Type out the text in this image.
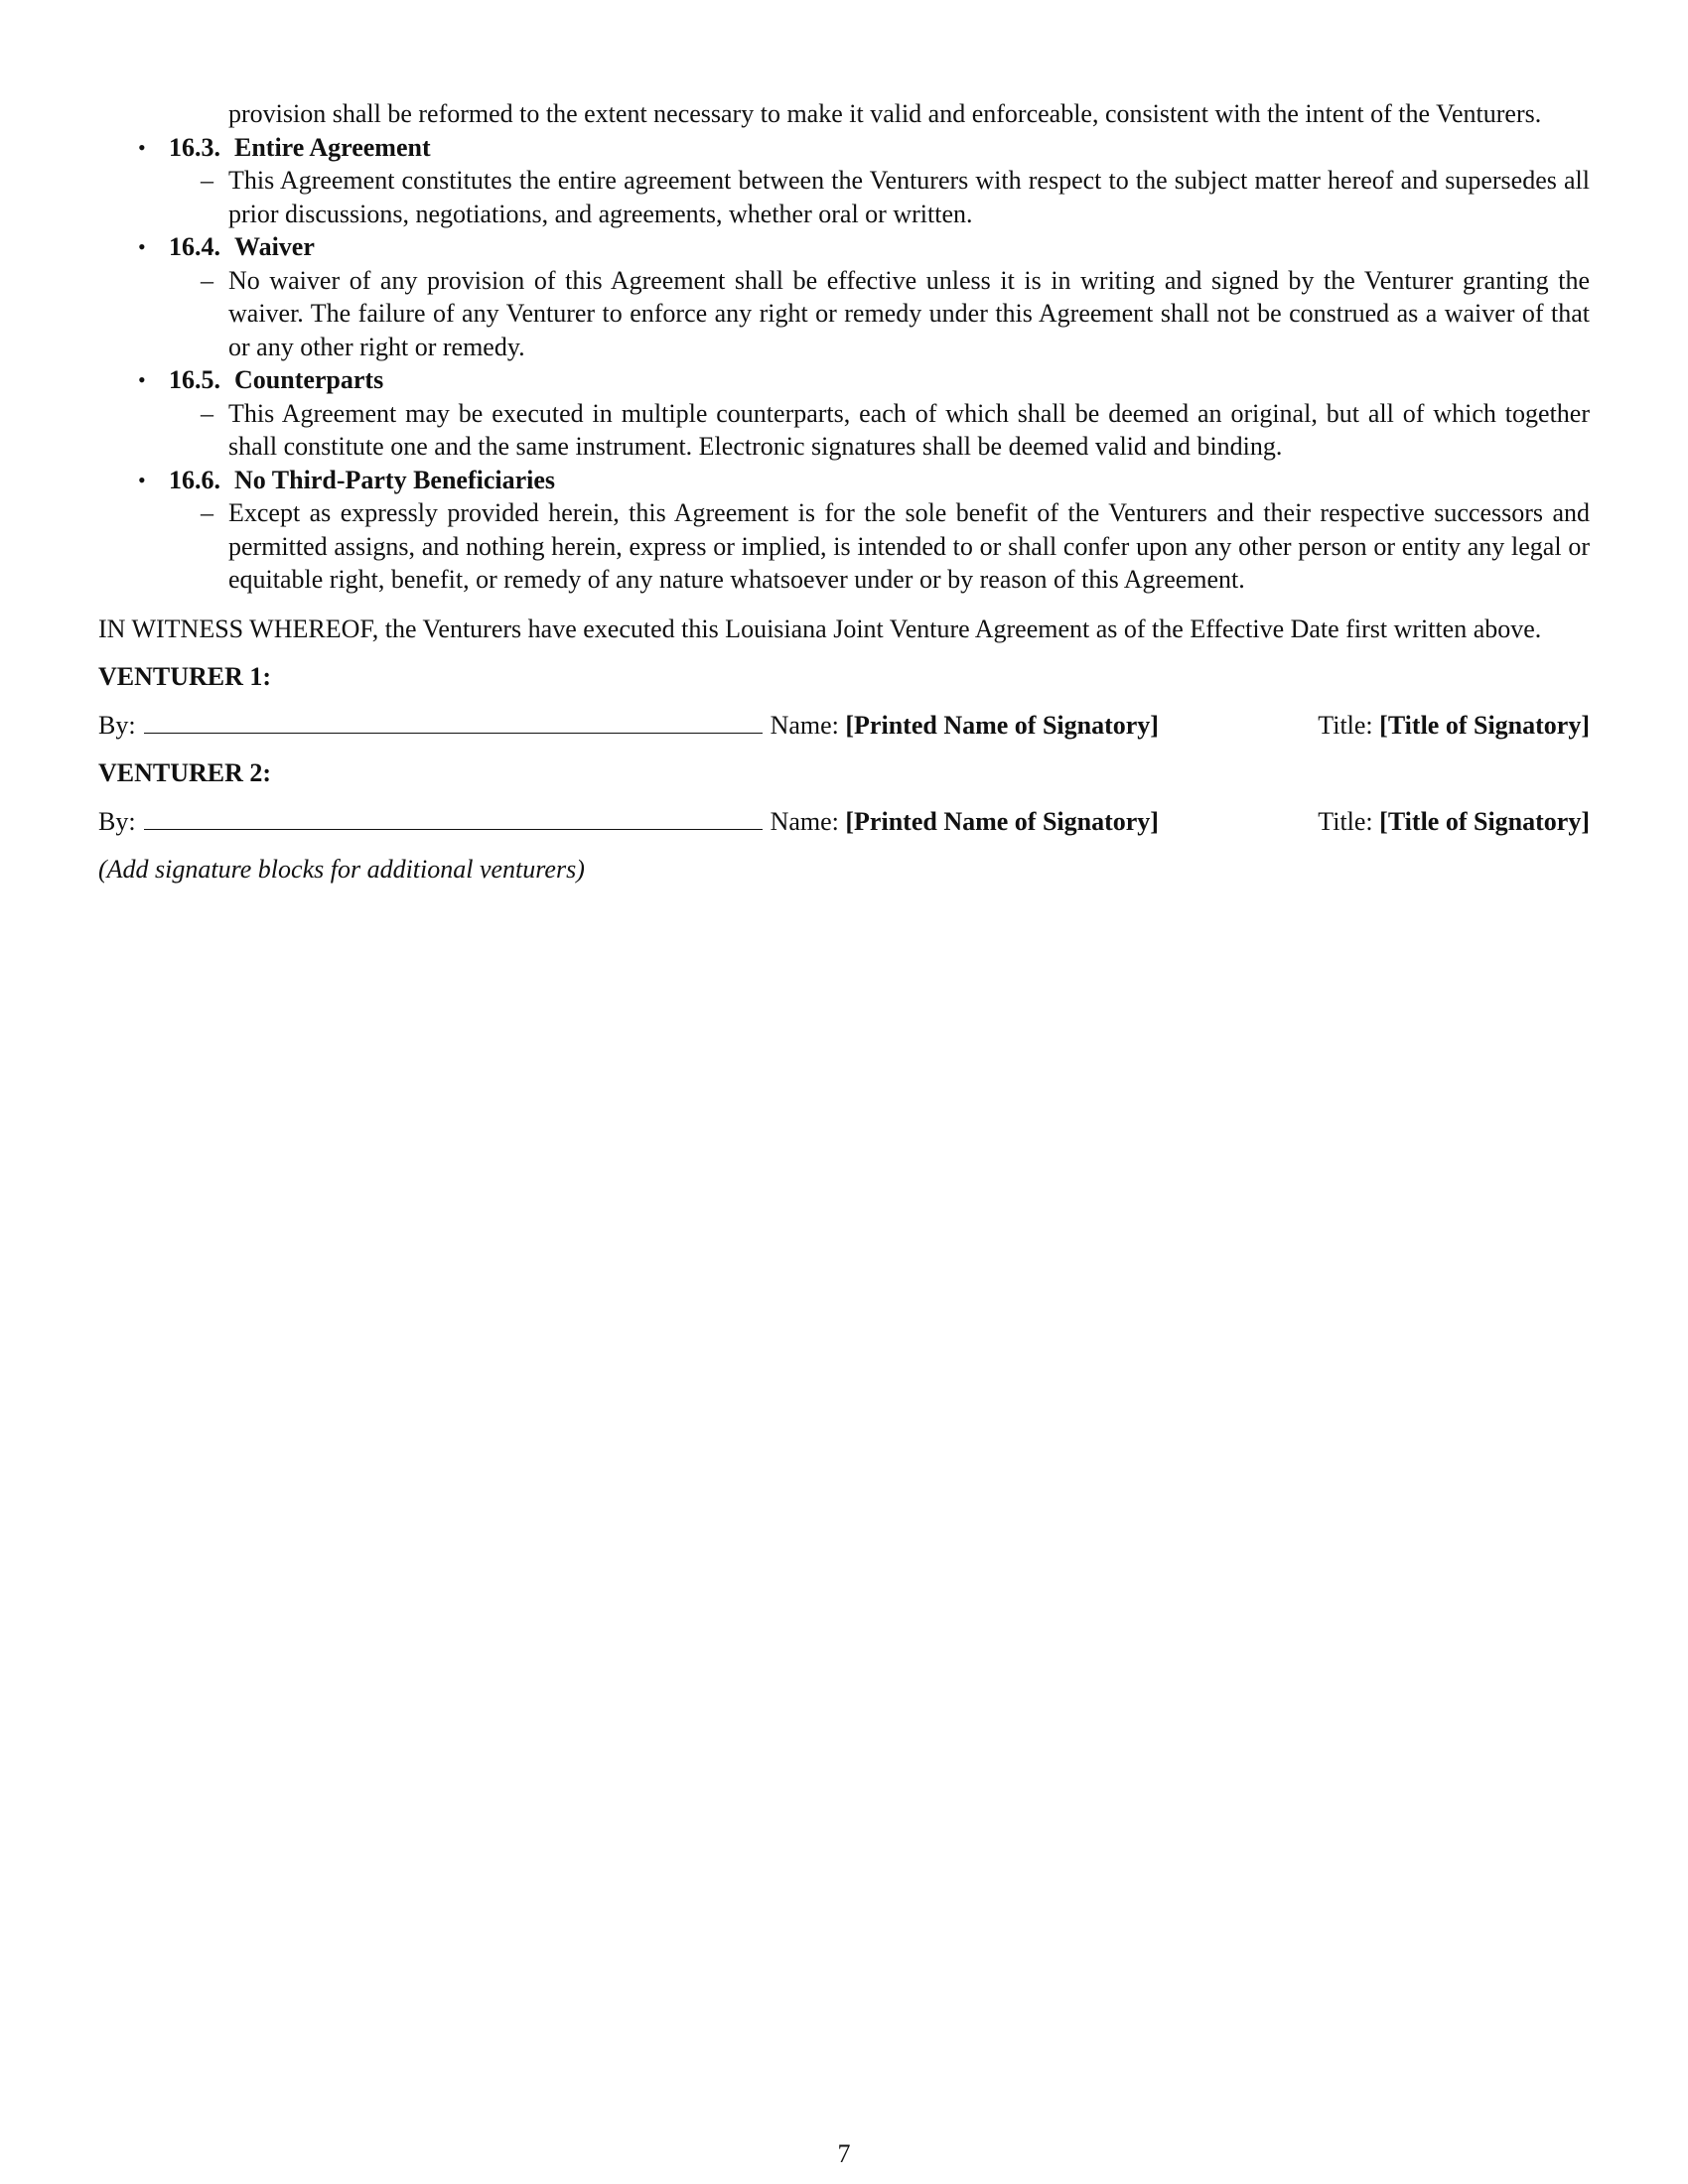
provision shall be reformed to the extent necessary to make it valid and enforceable, consistent with the intent of the Venturers.
• 16.3. Entire Agreement
– This Agreement constitutes the entire agreement between the Venturers with respect to the subject matter hereof and supersedes all prior discussions, negotiations, and agreements, whether oral or written.
• 16.4. Waiver
– No waiver of any provision of this Agreement shall be effective unless it is in writing and signed by the Venturer granting the waiver. The failure of any Venturer to enforce any right or remedy under this Agreement shall not be construed as a waiver of that or any other right or remedy.
• 16.5. Counterparts
– This Agreement may be executed in multiple counterparts, each of which shall be deemed an original, but all of which together shall constitute one and the same instrument. Electronic signatures shall be deemed valid and binding.
• 16.6. No Third-Party Beneficiaries
– Except as expressly provided herein, this Agreement is for the sole benefit of the Venturers and their respective successors and permitted assigns, and nothing herein, express or implied, is intended to or shall confer upon any other person or entity any legal or equitable right, benefit, or remedy of any nature whatsoever under or by reason of this Agreement.
IN WITNESS WHEREOF, the Venturers have executed this Louisiana Joint Venture Agreement as of the Effective Date first written above.
VENTURER 1:
By:	Name:
[Printed Name of Signatory]	Title:
[Title of Signatory]
VENTURER 2:
By:	Name:
[Printed Name of Signatory]	Title:
[Title of Signatory]
(Add signature blocks for additional venturers)
7
